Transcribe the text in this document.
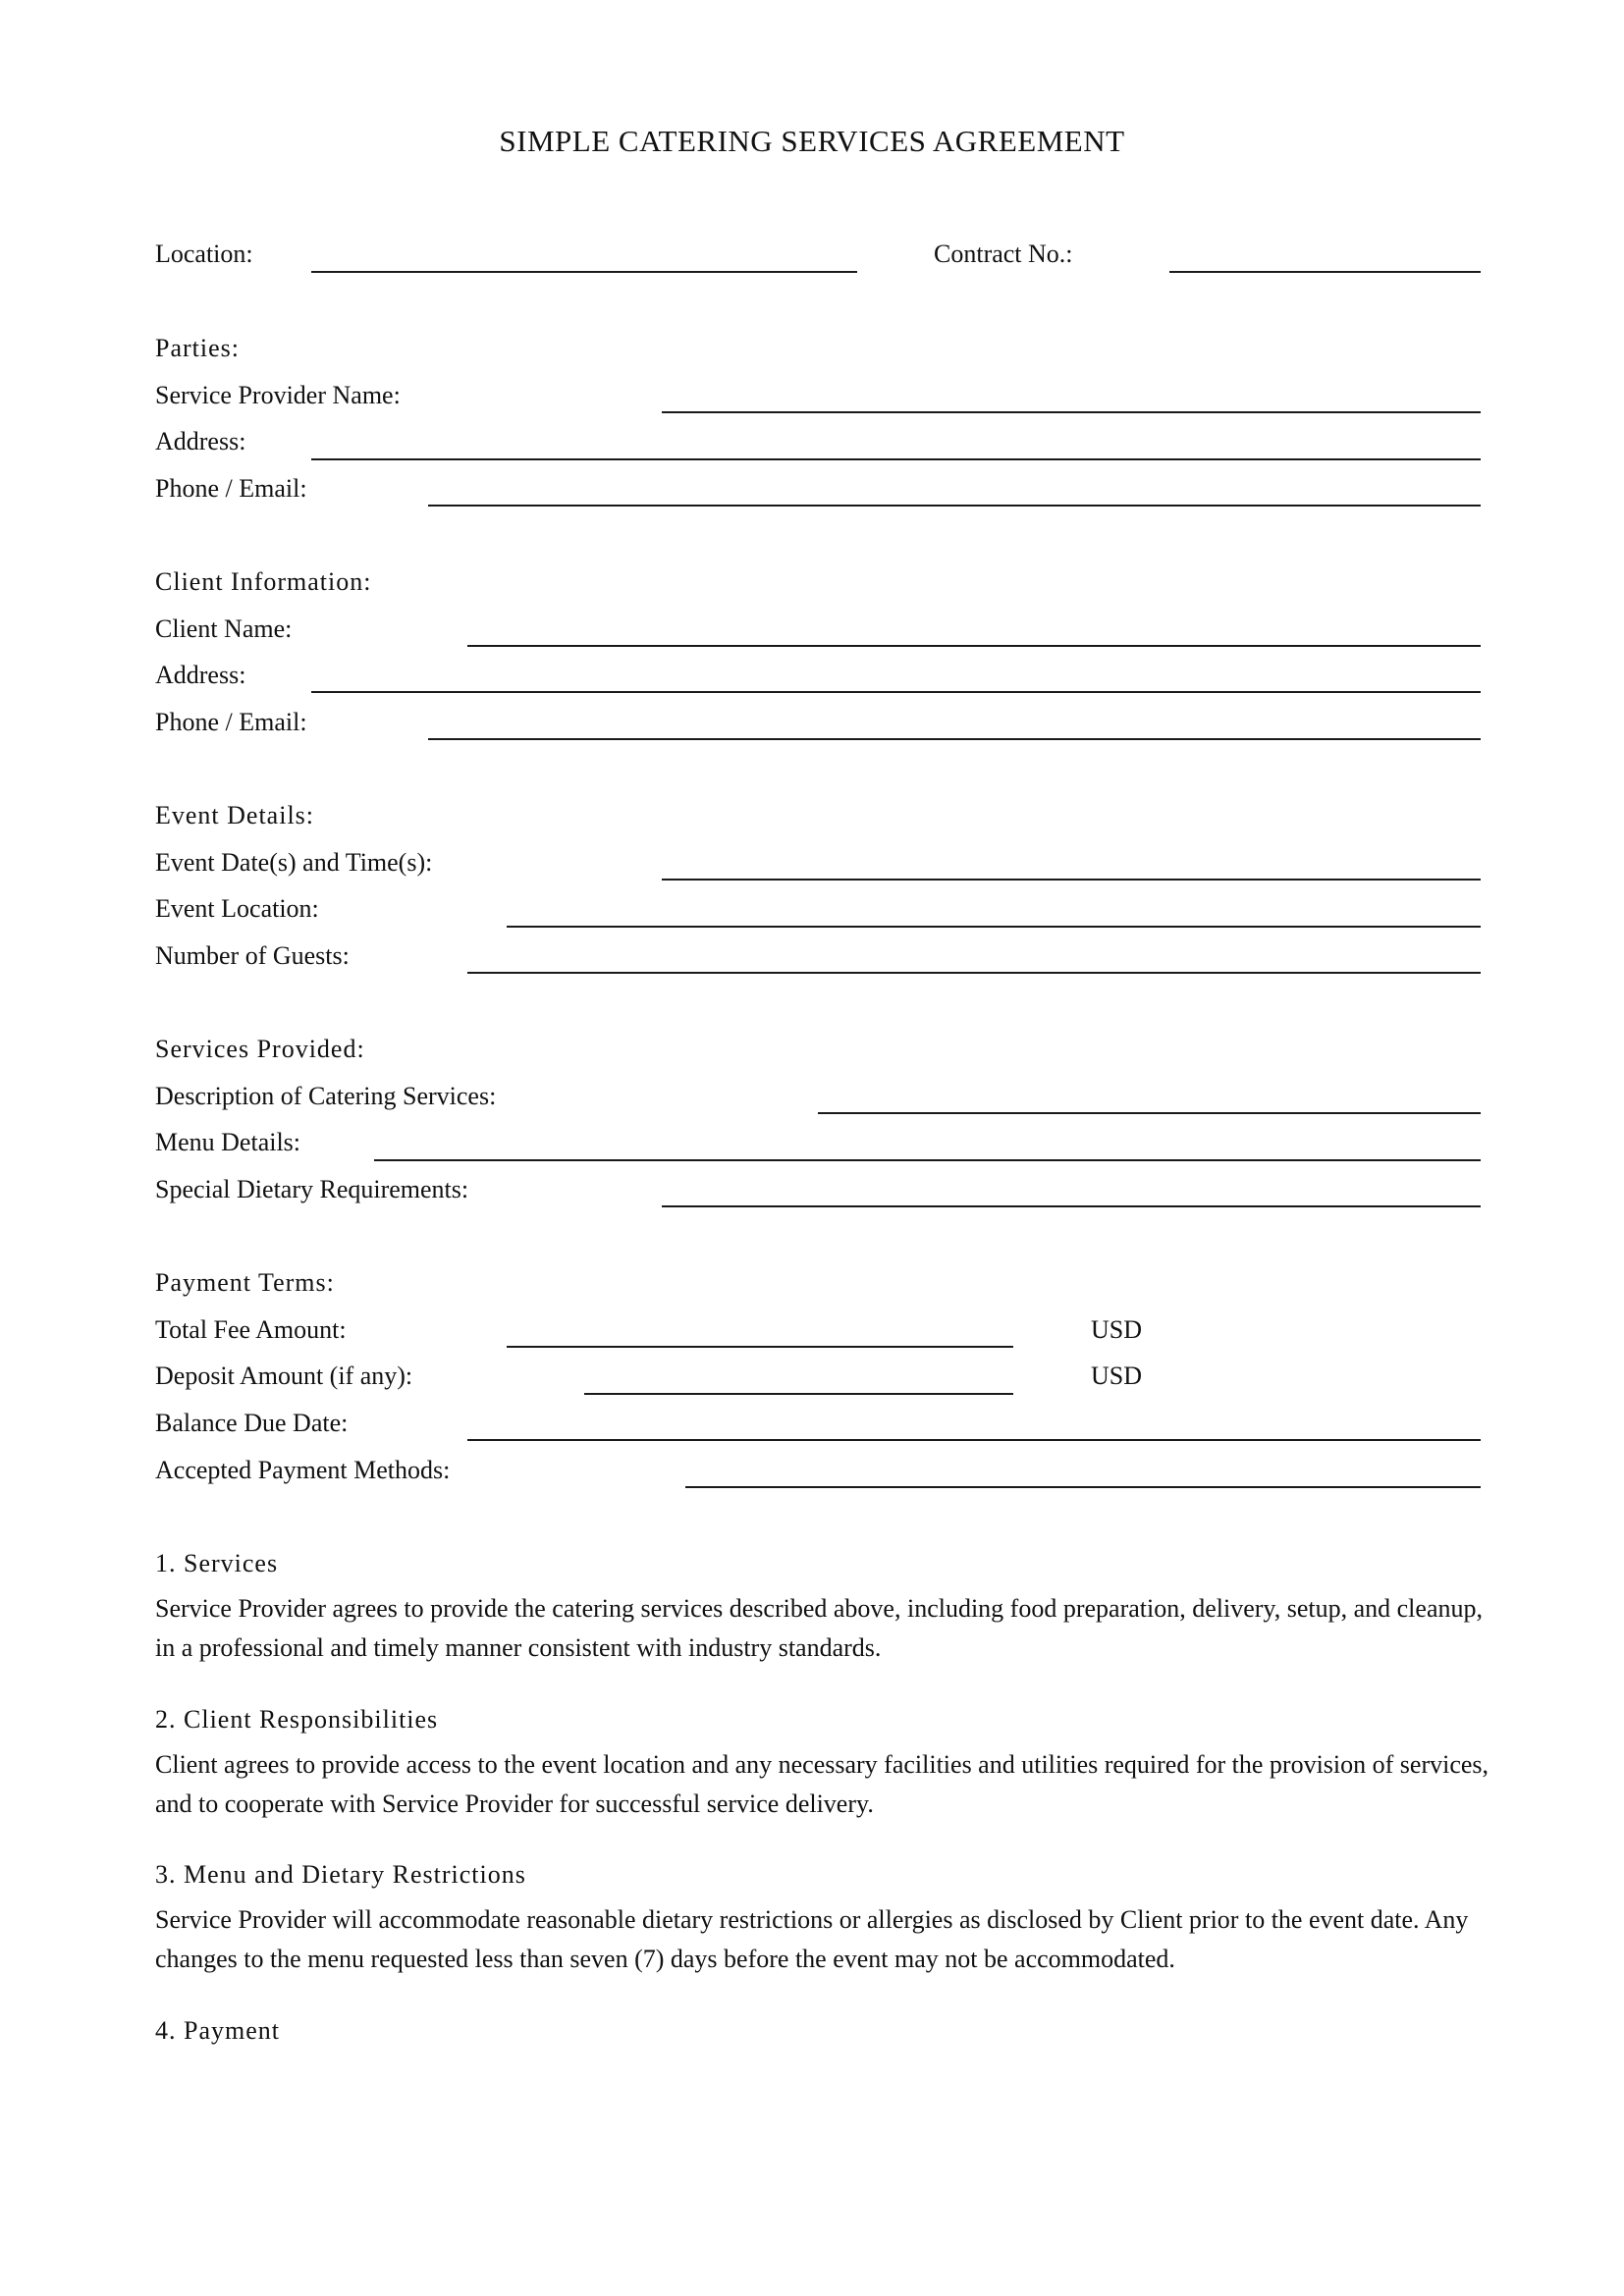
SIMPLE CATERING SERVICES AGREEMENT
Location:	Contract No.:
Parties:
Service Provider Name:
Address:
Phone / Email:
Client Information:
Client Name:
Address:
Phone / Email:
Event Details:
Event Date(s) and Time(s):
Event Location:
Number of Guests:
Services Provided:
Description of Catering Services:
Menu Details:
Special Dietary Requirements:
Payment Terms:
Total Fee Amount:	USD
Deposit Amount (if any):	USD
Balance Due Date:
Accepted Payment Methods:
1. Services
Service Provider agrees to provide the catering services described above, including food preparation, delivery, setup, and cleanup, in a professional and timely manner consistent with industry standards.
2. Client Responsibilities
Client agrees to provide access to the event location and any necessary facilities and utilities required for the provision of services, and to cooperate with Service Provider for successful service delivery.
3. Menu and Dietary Restrictions
Service Provider will accommodate reasonable dietary restrictions or allergies as disclosed by Client prior to the event date. Any changes to the menu requested less than seven (7) days before the event may not be accommodated.
4. Payment
